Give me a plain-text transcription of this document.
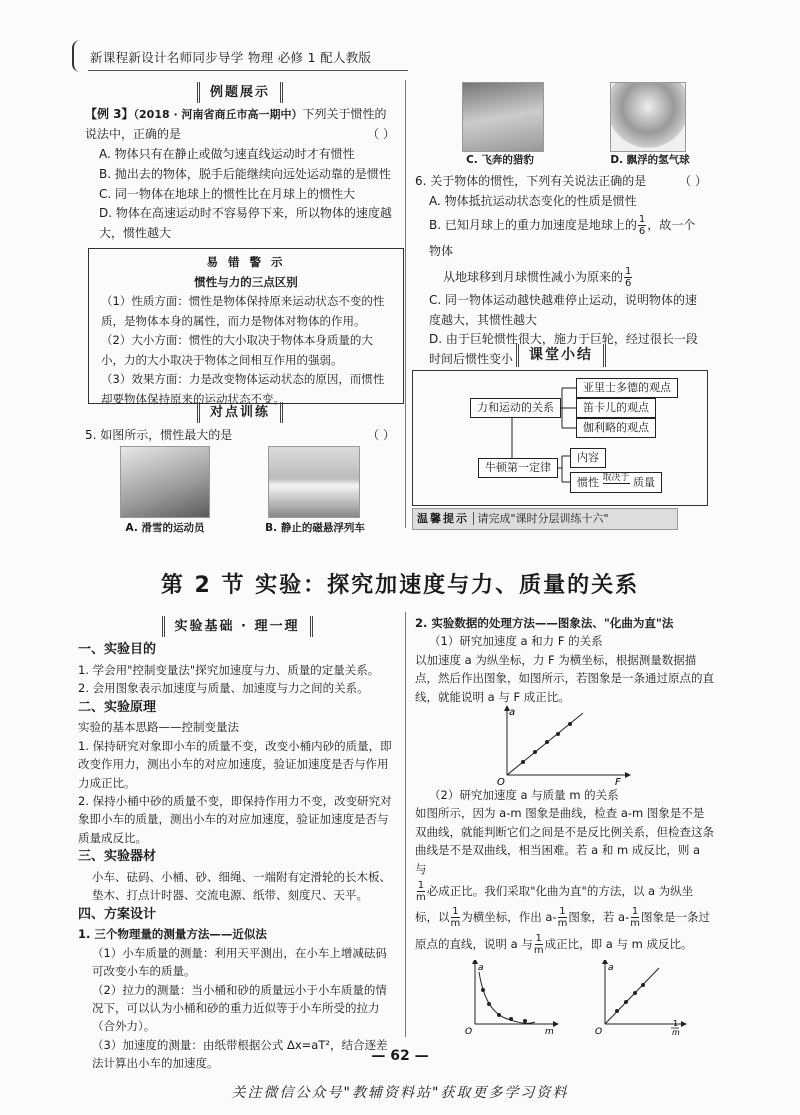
新课程新设计名师同步导学 物理 必修 1 配人教版
例题展示

【例 3】（2018 · 河南省商丘市高一期中）下列关于惯性的说法中，正确的是	（ ）

A. 物体只有在静止或做匀速直线运动时才有惯性

B. 抛出去的物体，脱手后能继续向远处运动靠的是惯性

C. 同一物体在地球上的惯性比在月球上的惯性大

D. 物体在高速运动时不容易停下来，所以物体的速度越大，惯性越大

易 错 警 示
惯性与力的三点区别
（1）性质方面：惯性是物体保持原来运动状态不变的性质，是物体本身的属性，而力是物体对物体的作用。
（2）大小方面：惯性的大小取决于物体本身质量的大小，力的大小取决于物体之间相互作用的强弱。
（3）效果方面：力是改变物体运动状态的原因，而惯性却要物体保持原来的运动状态不变。
对点训练
5. 如图所示，惯性最大的是	（ ）
A. 滑雪的运动员	B. 静止的磁悬浮列车
C. 飞奔的猎豹	D. 飘浮的氢气球

6. 关于物体的惯性，下列有关说法正确的是	（ ）

A. 物体抵抗运动状态变化的性质是惯性

B. 已知月球上的重力加速度是地球上的 $\frac{1}{6}$ ，故一个物体
从地球移到月球惯性减小为原来的 $\frac{1}{6}$

C. 同一物体运动越快越难停止运动，说明物体的速度越大，其惯性越大

D. 由于巨轮惯性很大，施力于巨轮，经过很长一段时间后惯性变小	课堂小结
力和运动的关系
亚里士多德的观点
笛卡儿的观点
伽利略的观点
牛顿第一定律
内容
惯性 取决于 质量
温馨提示 请完成"课时分层训练十六"
第 2 节 实验：探究加速度与力、质量的关系
实验基础 · 理一理

一、实验目的

1. 学会用"控制变量法"探究加速度与力、质量的定量关系。

2. 会用图象表示加速度与质量、加速度与力之间的关系。

二、实验原理

实验的基本思路——控制变量法

1. 保持研究对象即小车的质量不变，改变小桶内砂的质量，即改变作用力，测出小车的对应加速度，验证加速度是否与作用力成正比。

2. 保持小桶中砂的质量不变，即保持作用力不变，改变研究对象即小车的质量，测出小车的对应加速度，验证加速度是否与质量成反比。

三、实验器材

小车、砝码、小桶、砂、细绳、一端附有定滑轮的长木板、垫木、打点计时器、交流电源、纸带、刻度尺、天平。

四、方案设计

1. 三个物理量的测量方法——近似法

（1）小车质量的测量：利用天平测出，在小车上增减砝码可改变小车的质量。

（2）拉力的测量：当小桶和砂的质量远小于小车质量的情况下，可以认为小桶和砂的重力近似等于小车所受的拉力（合外力）。

（3）加速度的测量：由纸带根据公式 Δx=aT²，结合逐差法计算出小车的加速度。

2. 实验数据的处理方法——图象法、"化曲为直"法

（1）研究加速度 a 和力 F 的关系

以加速度 a 为纵坐标，力 F 为横坐标，根据测量数据描点，然后作出图象，如图所示，若图象是一条通过原点的直线，就能说明 a 与 F 成正比。

a
F
O

（2）研究加速度 a 与质量 m 的关系

如图所示，因为 a-m 图象是曲线，检查 a-m 图象是不是双曲线，就能判断它们之间是不是反比例关系，但检查这条曲线是不是双曲线，相当困难。若 a 和 m 成反比，则 a 与

$\frac{1}{m}$ 必成正比。我们采取"化曲为直"的方法，以 a 为纵坐标，以 $\frac{1}{m}$ 为横坐标，作出 $a- \frac{1}{m}$ 图象，若 $a- \frac{1}{m}$ 图象是一条过原点的直线，说明 a 与 $\frac{1}{m}$ 成正比，即 a 与 m 成反比。

a
m
O
a
1
m
O
— 62 —
关注微信公众号"教辅资料站"获取更多学习资料
